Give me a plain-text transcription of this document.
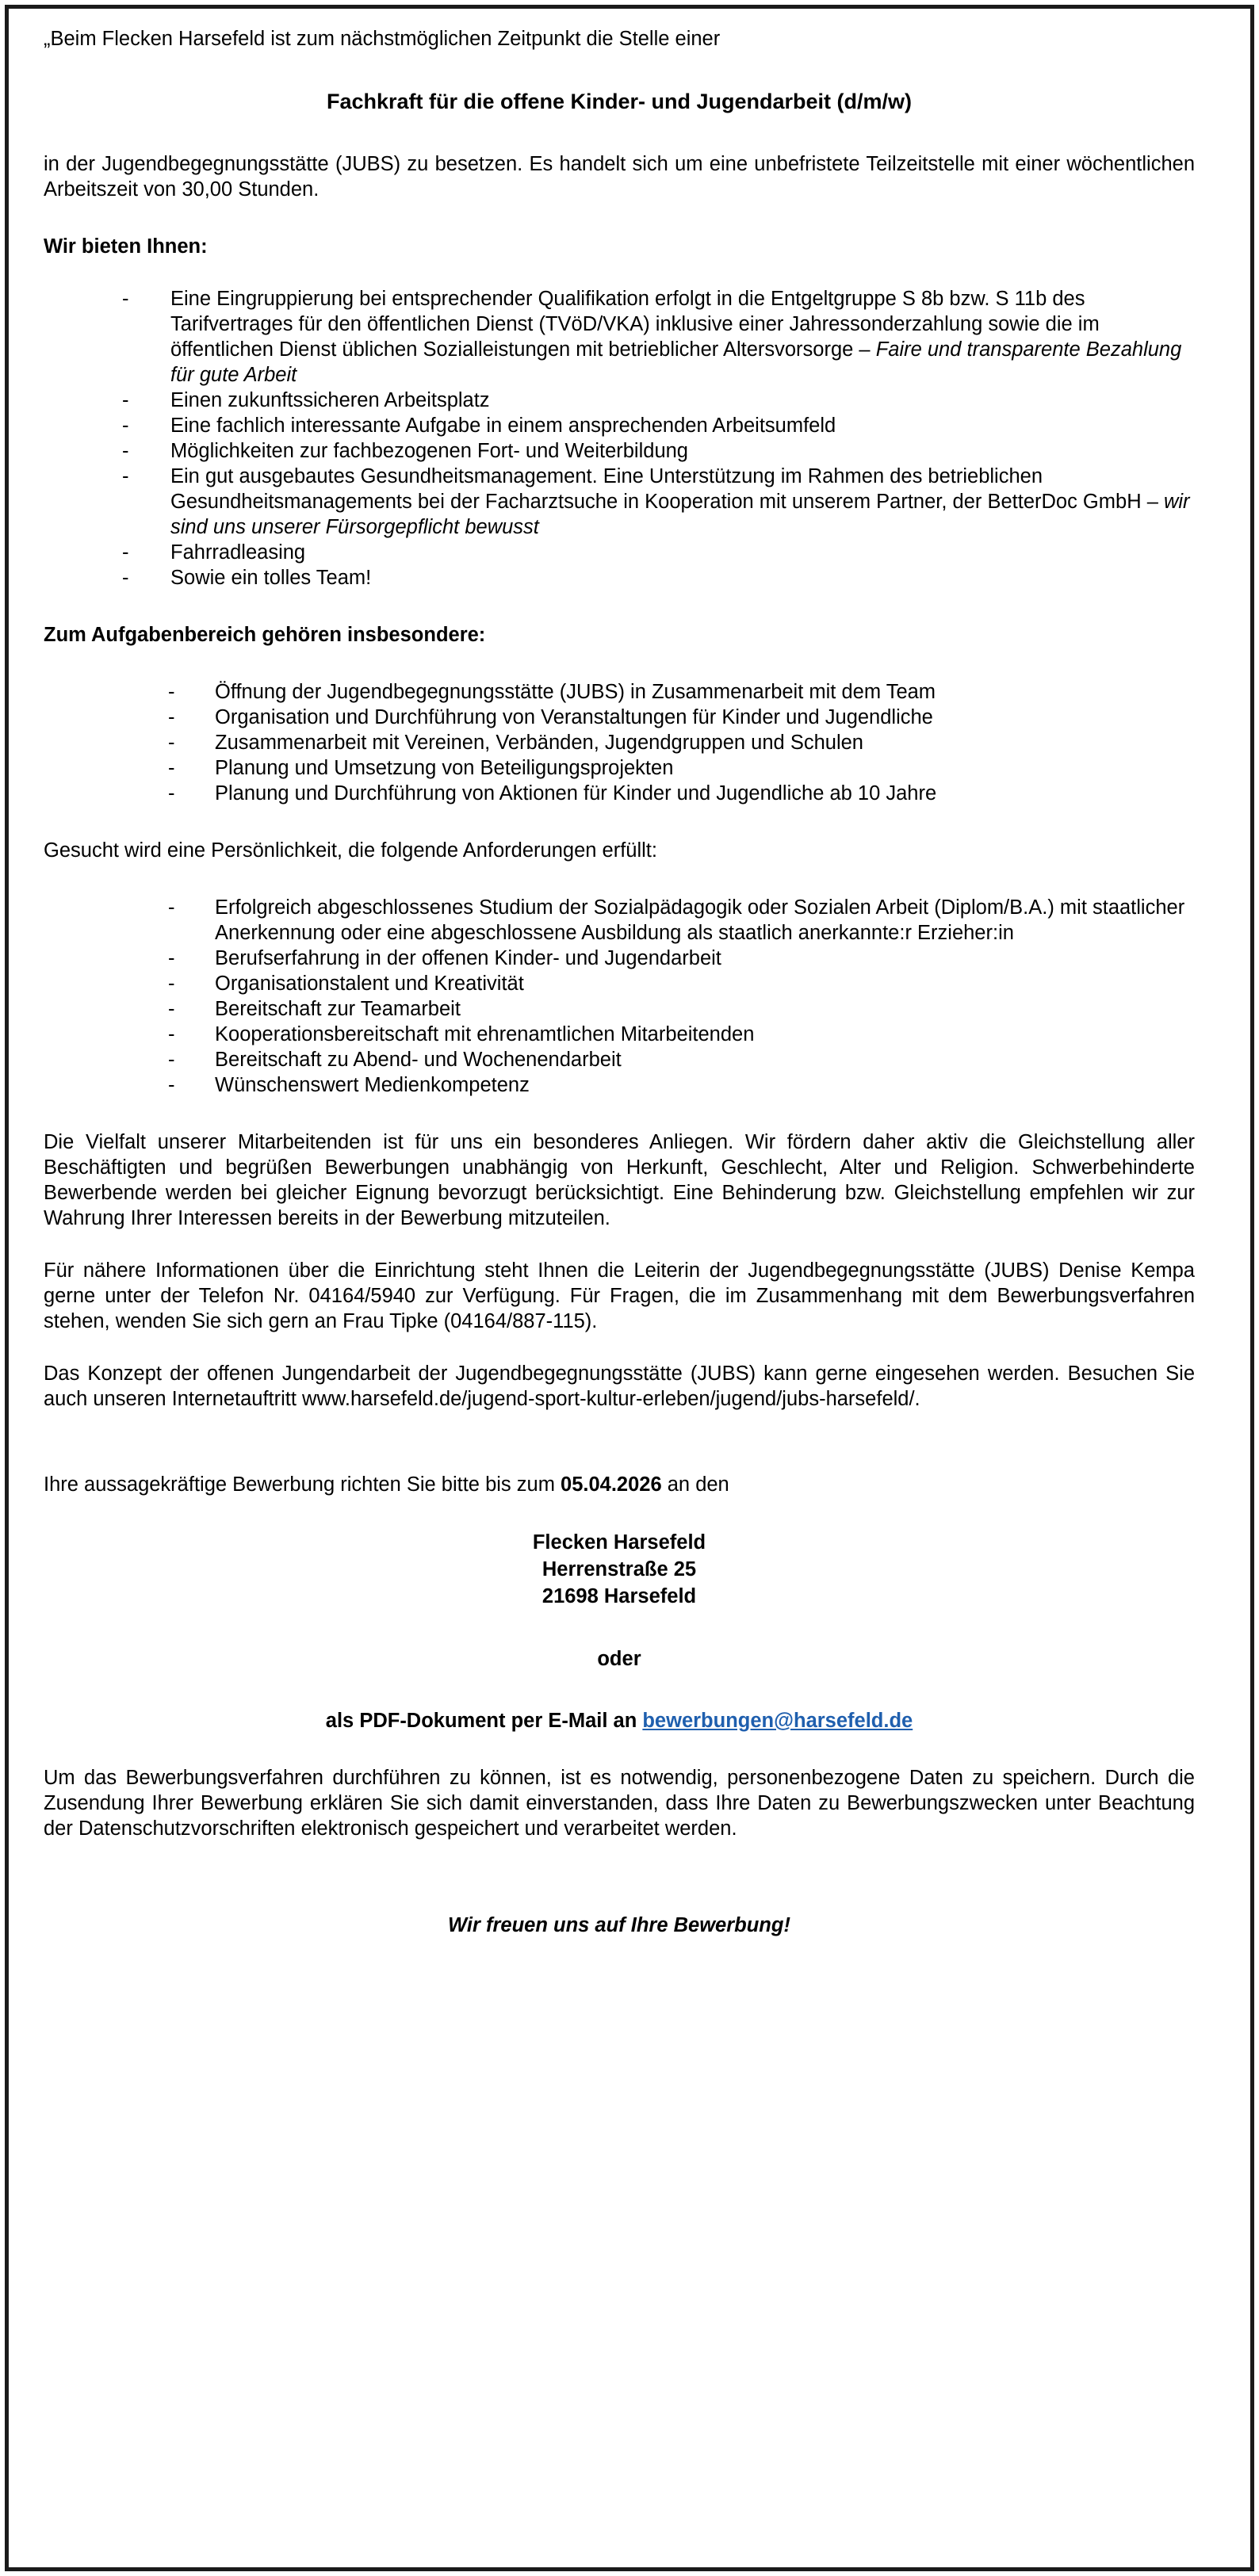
„Beim Flecken Harsefeld ist zum nächstmöglichen Zeitpunkt die Stelle einer

Fachkraft für die offene Kinder- und Jugendarbeit (d/m/w)

in der Jugendbegegnungsstätte (JUBS) zu besetzen. Es handelt sich um eine unbefristete Teilzeitstelle mit einer wöchentlichen Arbeitszeit von 30,00 Stunden.

Wir bieten Ihnen:
- Eine Eingruppierung bei entsprechender Qualifikation erfolgt in die Entgeltgruppe S 8b bzw. S 11b des Tarifvertrages für den öffentlichen Dienst (TVöD/VKA) inklusive einer Jahressonderzahlung sowie die im öffentlichen Dienst üblichen Sozialleistungen mit betrieblicher Altersvorsorge – Faire und transparente Bezahlung für gute Arbeit
- Einen zukunftssicheren Arbeitsplatz
- Eine fachlich interessante Aufgabe in einem ansprechenden Arbeitsumfeld
- Möglichkeiten zur fachbezogenen Fort- und Weiterbildung
- Ein gut ausgebautes Gesundheitsmanagement. Eine Unterstützung im Rahmen des betrieblichen Gesundheitsmanagements bei der Facharztsuche in Kooperation mit unserem Partner, der BetterDoc GmbH – wir sind uns unserer Fürsorgepflicht bewusst
- Fahrradleasing
- Sowie ein tolles Team!
Zum Aufgabenbereich gehören insbesondere:
- Öffnung der Jugendbegegnungsstätte (JUBS) in Zusammenarbeit mit dem Team
- Organisation und Durchführung von Veranstaltungen für Kinder und Jugendliche
- Zusammenarbeit mit Vereinen, Verbänden, Jugendgruppen und Schulen
- Planung und Umsetzung von Beteiligungsprojekten
- Planung und Durchführung von Aktionen für Kinder und Jugendliche ab 10 Jahre

Gesucht wird eine Persönlichkeit, die folgende Anforderungen erfüllt:

- Erfolgreich abgeschlossenes Studium der Sozialpädagogik oder Sozialen Arbeit (Diplom/B.A.) mit staatlicher Anerkennung oder eine abgeschlossene Ausbildung als staatlich anerkannte:r Erzieher:in
- Berufserfahrung in der offenen Kinder- und Jugendarbeit
- Organisationstalent und Kreativität
- Bereitschaft zur Teamarbeit
- Kooperationsbereitschaft mit ehrenamtlichen Mitarbeitenden
- Bereitschaft zu Abend- und Wochenendarbeit
- Wünschenswert Medienkompetenz

Die Vielfalt unserer Mitarbeitenden ist für uns ein besonderes Anliegen. Wir fördern daher aktiv die Gleichstellung aller Beschäftigten und begrüßen Bewerbungen unabhängig von Herkunft, Geschlecht, Alter und Religion. Schwerbehinderte Bewerbende werden bei gleicher Eignung bevorzugt berücksichtigt. Eine Behinderung bzw. Gleichstellung empfehlen wir zur Wahrung Ihrer Interessen bereits in der Bewerbung mitzuteilen.

Für nähere Informationen über die Einrichtung steht Ihnen die Leiterin der Jugendbegegnungsstätte (JUBS) Denise Kempa gerne unter der Telefon Nr. 04164/5940 zur Verfügung. Für Fragen, die im Zusammenhang mit dem Bewerbungsverfahren stehen, wenden Sie sich gern an Frau Tipke (04164/887-115).

Das Konzept der offenen Jungendarbeit der Jugendbegegnungsstätte (JUBS) kann gerne eingesehen werden. Besuchen Sie auch unseren Internetauftritt www.harsefeld.de/jugend-sport-kultur-erleben/jugend/jubs-harsefeld/.

Ihre aussagekräftige Bewerbung richten Sie bitte bis zum 05.04.2026 an den

Flecken Harsefeld
Herrenstraße 25
21698 Harsefeld
oder
als PDF-Dokument per E-Mail an bewerbungen@harsefeld.de

Um das Bewerbungsverfahren durchführen zu können, ist es notwendig, personenbezogene Daten zu speichern. Durch die Zusendung Ihrer Bewerbung erklären Sie sich damit einverstanden, dass Ihre Daten zu Bewerbungszwecken unter Beachtung der Datenschutzvorschriften elektronisch gespeichert und verarbeitet werden.

Wir freuen uns auf Ihre Bewerbung!
